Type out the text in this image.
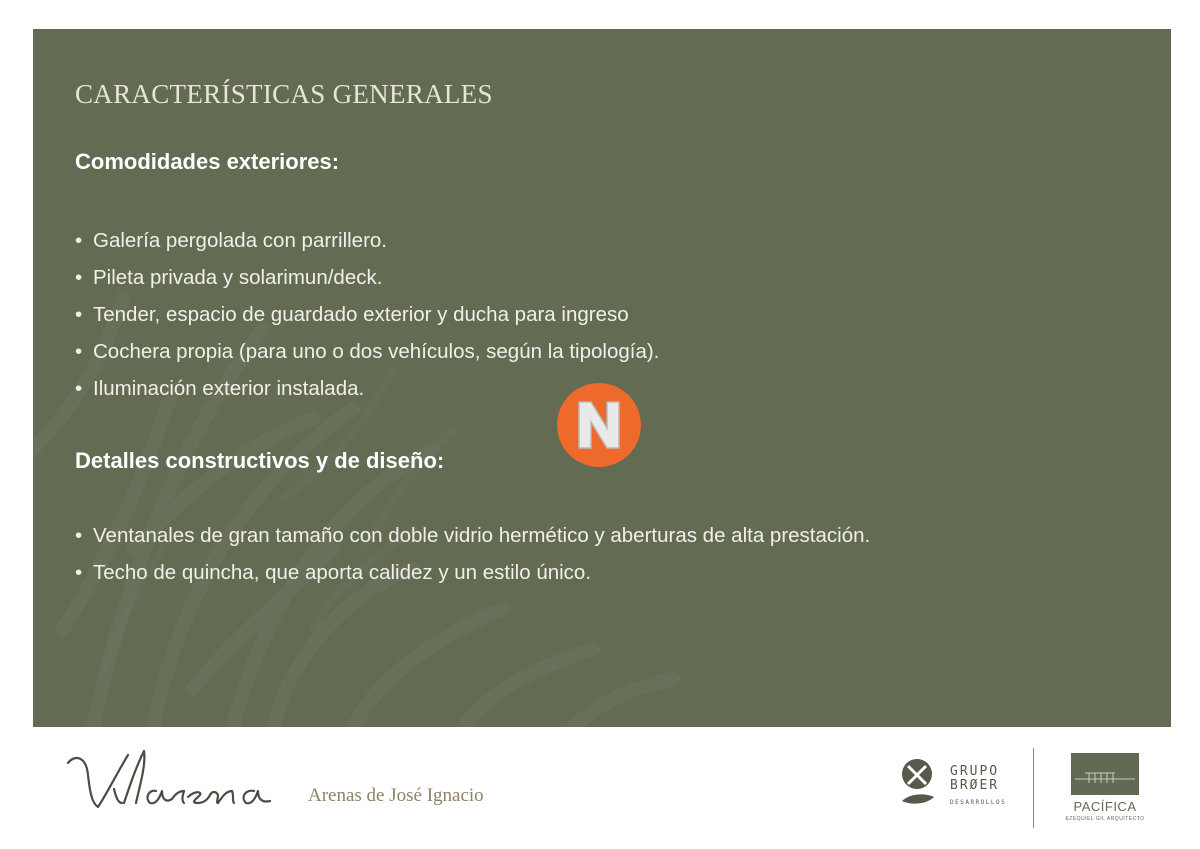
CARACTERÍSTICAS GENERALES
Comodidades exteriores:
• Galería pergolada con parrillero.
• Pileta privada y solarimun/deck.
• Tender, espacio de guardado exterior y ducha para ingreso
• Cochera propia (para uno o dos vehículos, según la tipología).
• Iluminación exterior instalada.
Detalles constructivos y de diseño:
• Ventanales de gran tamaño con doble vidrio hermético y aberturas de alta prestación.
• Techo de quincha, que aporta calidez y un estilo único.
Vilarena
Arenas de José Ignacio
GRUPO
BRØER
DESARROLLOS	PACÍFICA
EZEQUIEL GIL ARQUITECTO
